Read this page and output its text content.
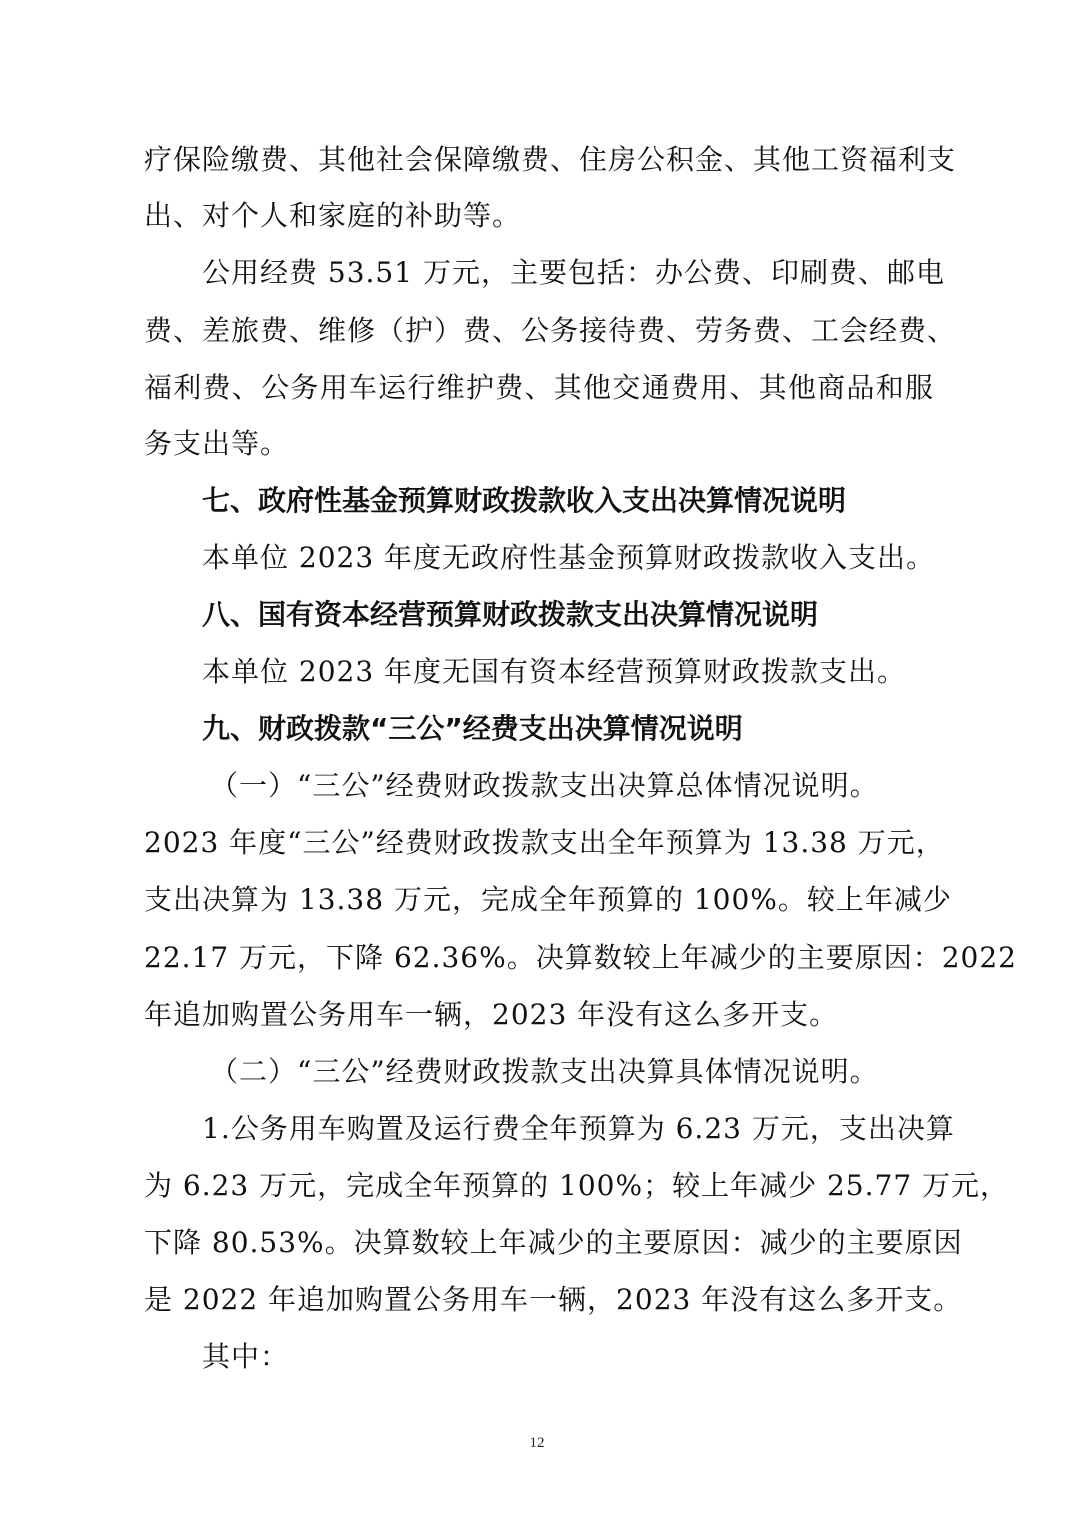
疗保险缴费、其他社会保障缴费、住房公积金、其他工资福利支
出、对个人和家庭的补助等。
公用经费 53.51 万元，主要包括：办公费、印刷费、邮电
费、差旅费、维修（护）费、公务接待费、劳务费、工会经费、
福利费、公务用车运行维护费、其他交通费用、其他商品和服
务支出等。
七、政府性基金预算财政拨款收入支出决算情况说明
本单位 2023 年度无政府性基金预算财政拨款收入支出。
八、国有资本经营预算财政拨款支出决算情况说明
本单位 2023 年度无国有资本经营预算财政拨款支出。
九、财政拨款“三公”经费支出决算情况说明
（一）“三公”经费财政拨款支出决算总体情况说明。
2023 年度“三公”经费财政拨款支出全年预算为 13.38 万元，
支出决算为 13.38 万元，完成全年预算的 100%。较上年减少
22.17 万元，下降 62.36%。决算数较上年减少的主要原因：2022
年追加购置公务用车一辆，2023 年没有这么多开支。
（二）“三公”经费财政拨款支出决算具体情况说明。
1.公务用车购置及运行费全年预算为 6.23 万元，支出决算
为 6.23 万元，完成全年预算的 100%；较上年减少 25.77 万元，
下降 80.53%。决算数较上年减少的主要原因：减少的主要原因
是 2022 年追加购置公务用车一辆，2023 年没有这么多开支。
其中：
12
